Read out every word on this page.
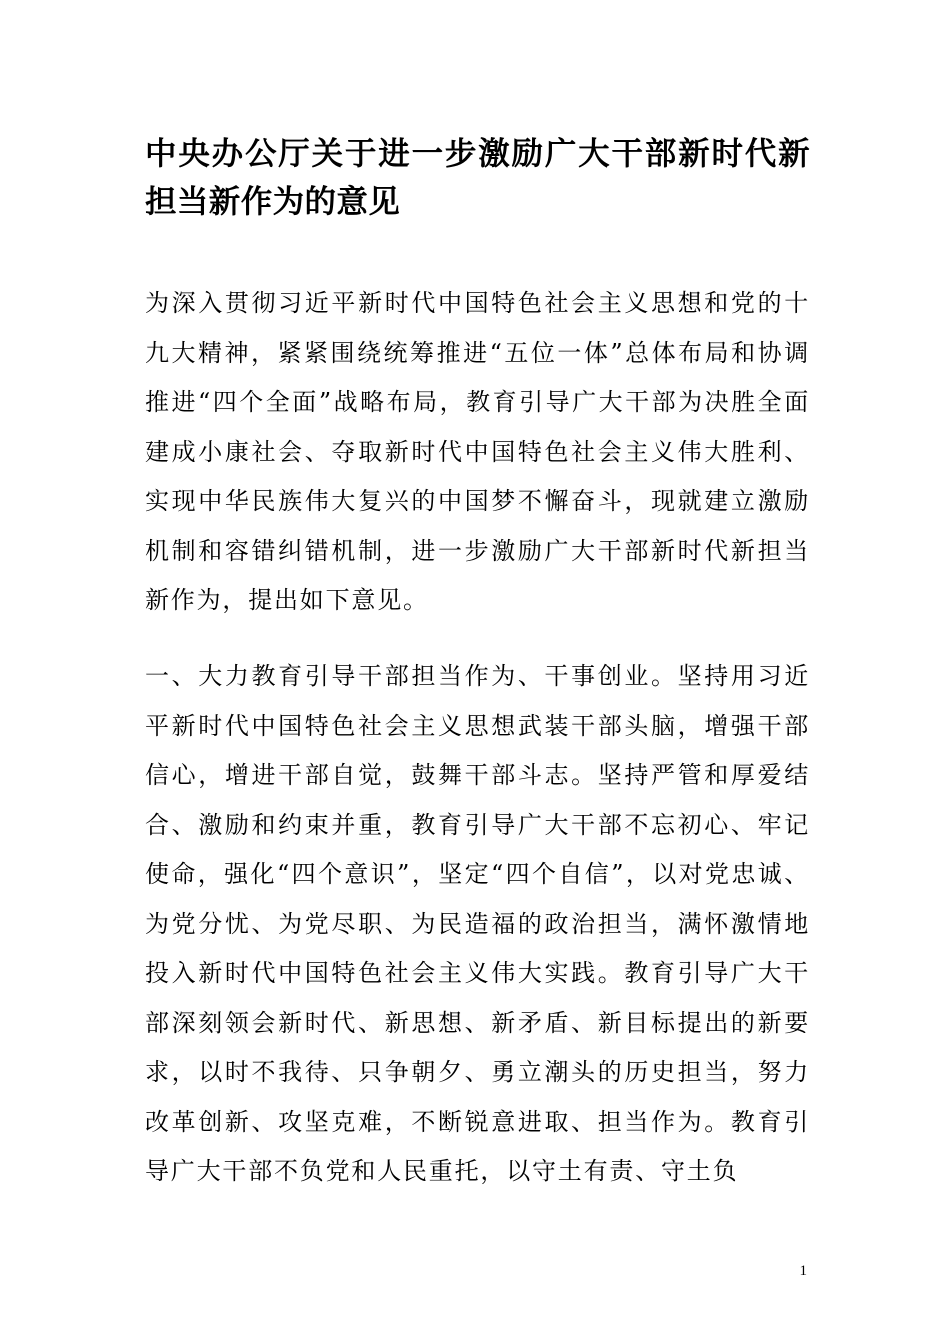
中央办公厅关于进一步激励广大干部新时代新担当新作为的意见

为深入贯彻习近平新时代中国特色社会主义思想和党的十九大精神，紧紧围绕统筹推进“五位一体”总体布局和协调推进“四个全面”战略布局，教育引导广大干部为决胜全面建成小康社会、夺取新时代中国特色社会主义伟大胜利、实现中华民族伟大复兴的中国梦不懈奋斗，现就建立激励机制和容错纠错机制，进一步激励广大干部新时代新担当新作为，提出如下意见。

一、大力教育引导干部担当作为、干事创业。坚持用习近平新时代中国特色社会主义思想武装干部头脑，增强干部信心，增进干部自觉，鼓舞干部斗志。坚持严管和厚爱结合、激励和约束并重，教育引导广大干部不忘初心、牢记使命，强化“四个意识”，坚定“四个自信”，以对党忠诚、为党分忧、为党尽职、为民造福的政治担当，满怀激情地投入新时代中国特色社会主义伟大实践。教育引导广大干部深刻领会新时代、新思想、新矛盾、新目标提出的新要求，以时不我待、只争朝夕、勇立潮头的历史担当，努力改革创新、攻坚克难，不断锐意进取、担当作为。教育引导广大干部不负党和人民重托，以守土有责、守土负

1
